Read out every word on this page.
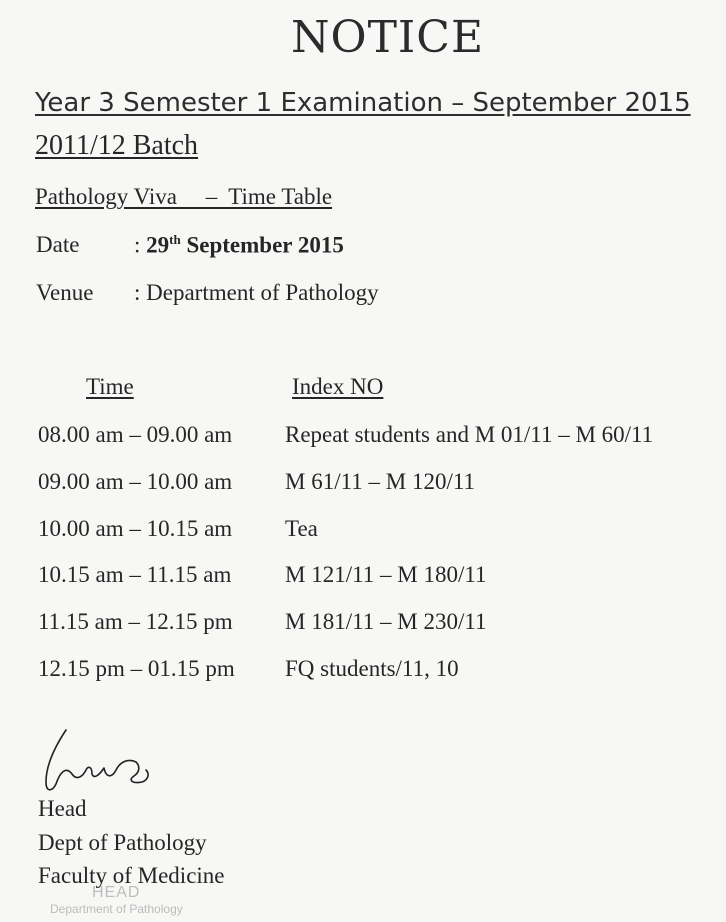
NOTICE
Year 3 Semester 1 Examination – September 2015
2011/12 Batch
Pathology Viva     –  Time Table
Date : 29th September 2015
Venue : Department of Pathology
Time	Index NO
08.00 am – 09.00 am Repeat students and M 01/11 – M 60/11
09.00 am – 10.00 am M 61/11 – M 120/11
10.00 am – 10.15 am Tea
10.15 am – 11.15 am M 121/11 – M 180/11
11.15 am – 12.15 pm M 181/11 – M 230/11
12.15 pm – 01.15 pm FQ students/11, 10
Head
Dept of Pathology
Faculty of Medicine
HEAD
Department of Pathology
